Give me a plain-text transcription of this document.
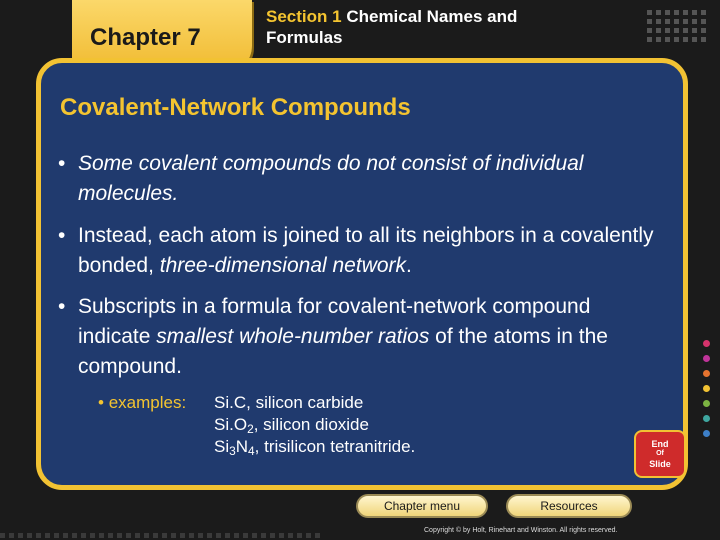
Chapter 7
Section 1 Chemical Names and Formulas
Covalent-Network Compounds
• Some covalent compounds do not consist of individual molecules.
• Instead, each atom is joined to all its neighbors in a covalently bonded, three-dimensional network.
• Subscripts in a formula for covalent-network compound indicate smallest whole-number ratios of the atoms in the compound.
• examples: Si.C, silicon carbide
$Si.O_2$, silicon dioxide
$Si_3N_4$, trisilicon tetranitride.	End
Of
Slide
Chapter menu	Resources
Copyright © by Holt, Rinehart and Winston. All rights reserved.
